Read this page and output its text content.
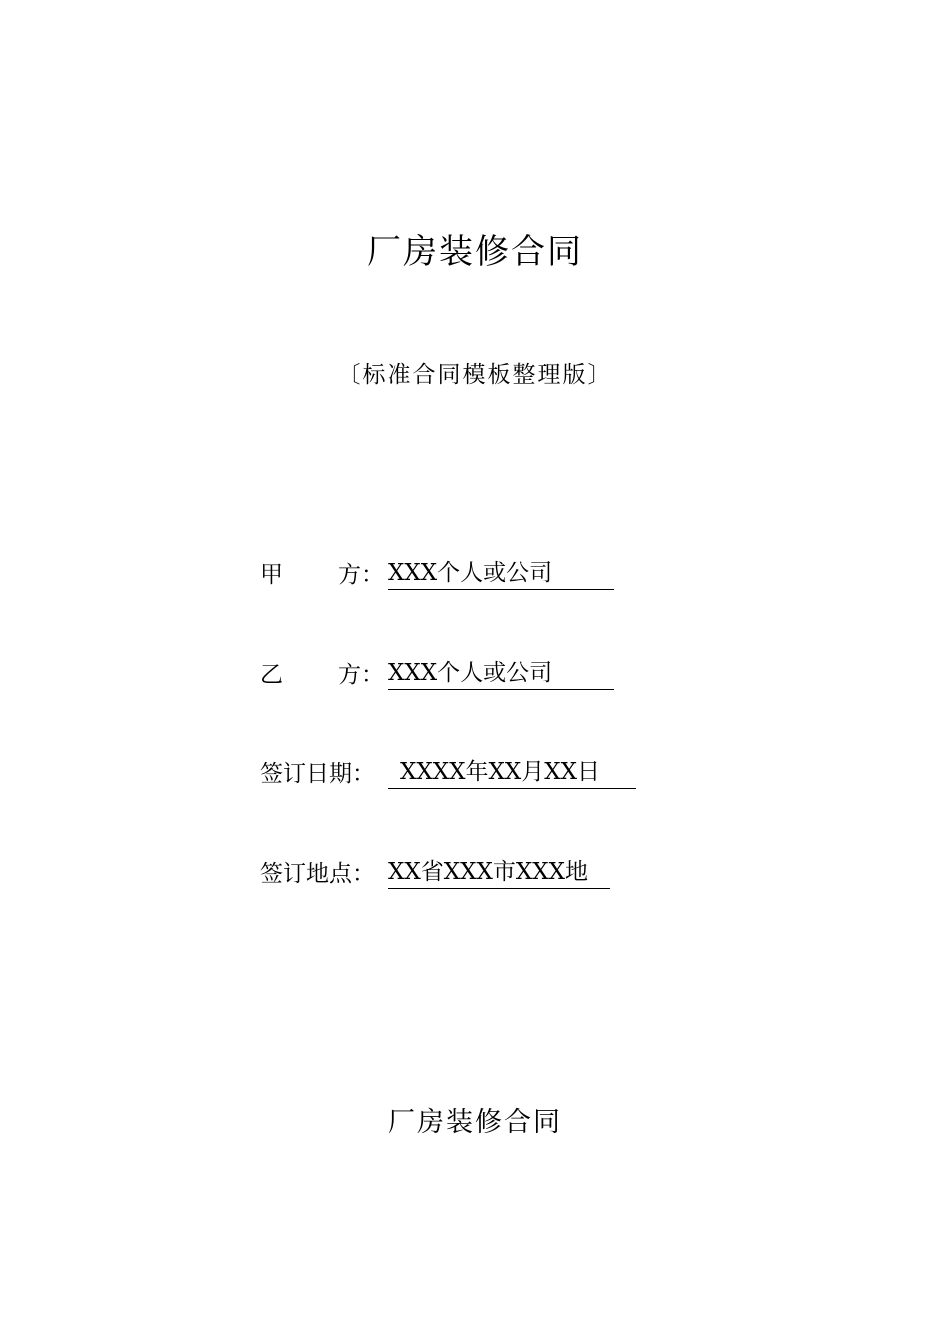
厂房装修合同
〔标准合同模板整理版〕
甲 方： XXX个人或公司
乙 方： XXX个人或公司
签订日期： XXXX年XX月XX日
签订地点： XX省XXX市XXX地
厂房装修合同
